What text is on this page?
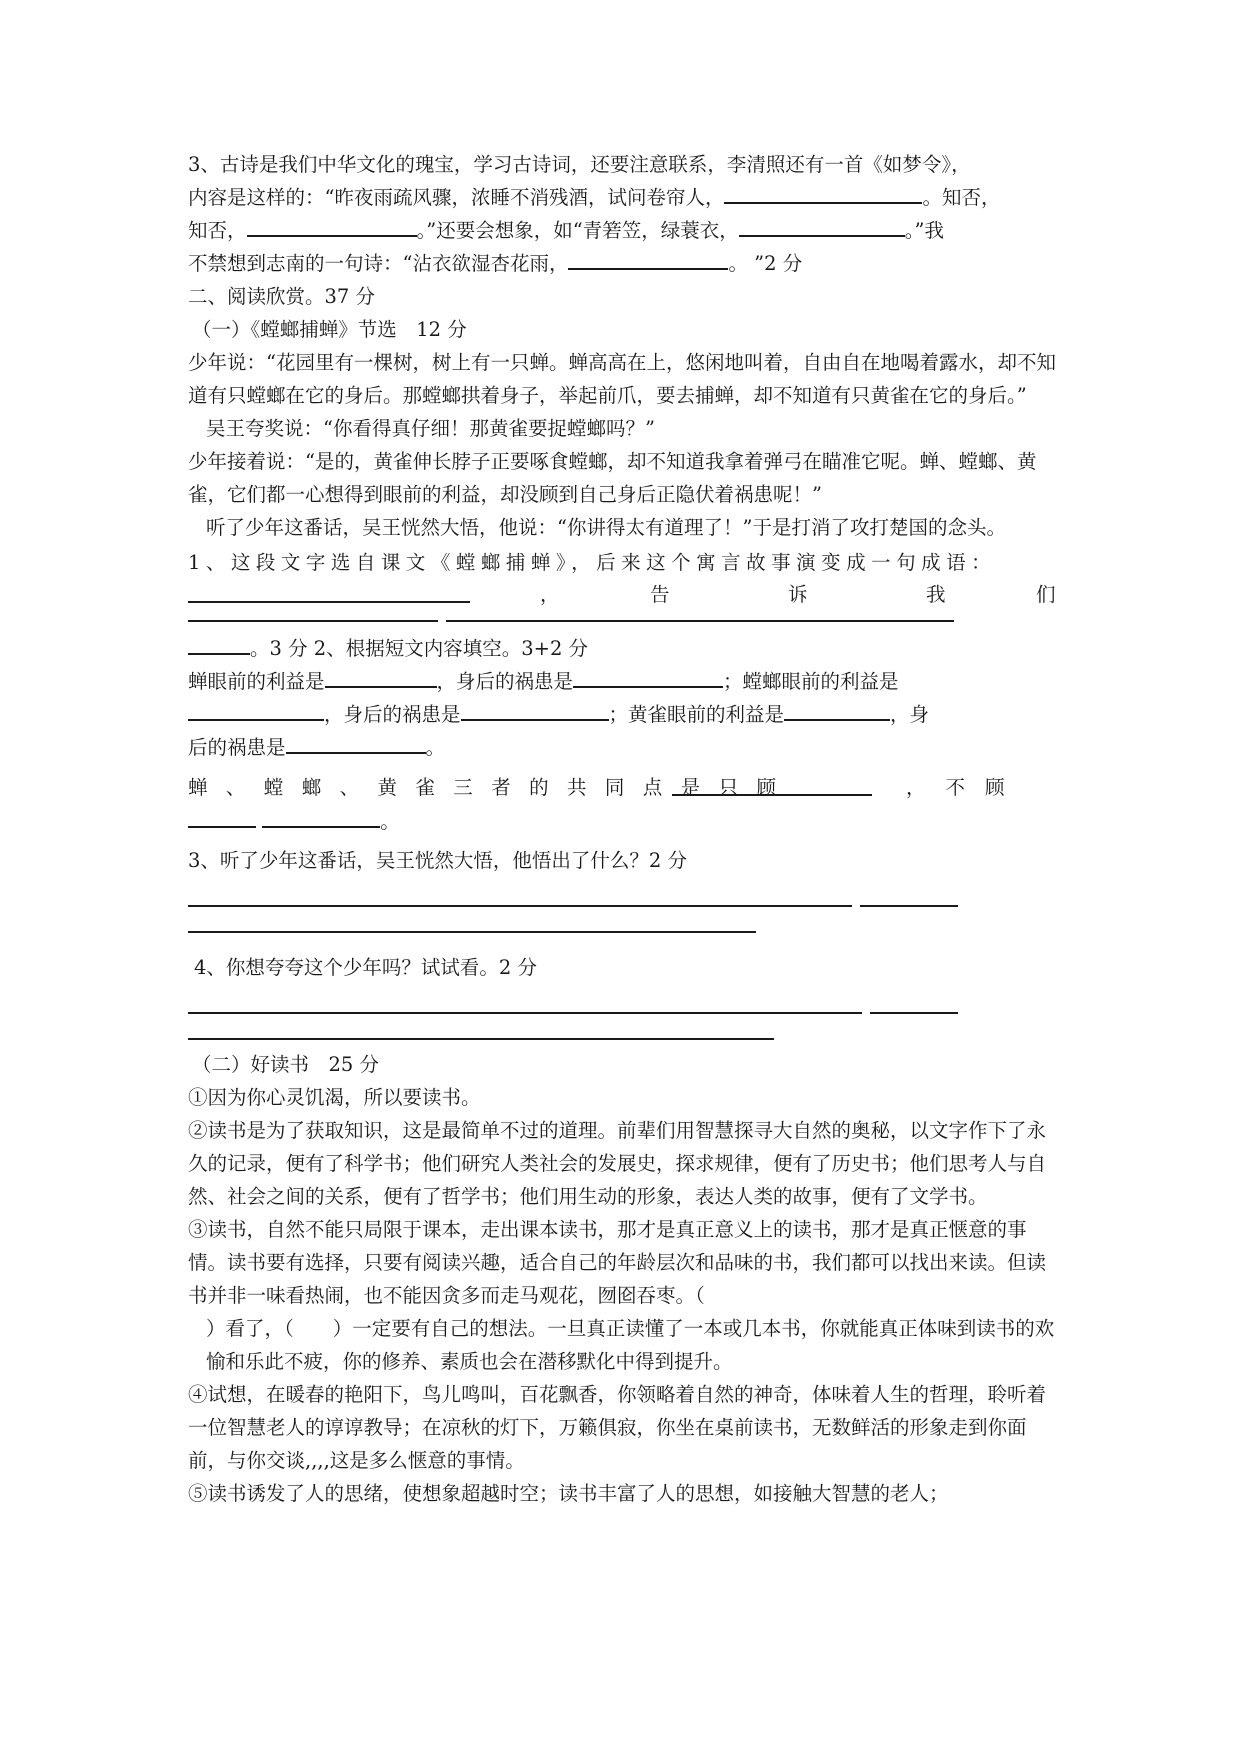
3、古诗是我们中华文化的瑰宝，学习古诗词，还要注意联系，李清照还有一首《如梦令》，

内容是这样的：“昨夜雨疏风骤，浓睡不消残酒，试问卷帘人，	。知否，

知否，	。”还要会想象，如“青箬笠，绿蓑衣，	。”我

不禁想到志南的一句诗：“沾衣欲湿杏花雨，	。 ”2 分

二、阅读欣赏。37 分

（一）《螳螂捕蝉》节选　12 分

少年说：“花园里有一棵树，树上有一只蝉。蝉高高在上，悠闲地叫着，自由自在地喝着露水，却不知道有只螳螂在它的身后。那螳螂拱着身子，举起前爪，要去捕蝉，却不知道有只黄雀在它的身后。”

吴王夸奖说：“你看得真仔细！那黄雀要捉螳螂吗？”

少年接着说：“是的，黄雀伸长脖子正要啄食螳螂，却不知道我拿着弹弓在瞄准它呢。蝉、螳螂、黄雀，它们都一心想得到眼前的利益，却没顾到自己身后正隐伏着祸患呢！”

听了少年这番话，吴王恍然大悟，他说：“你讲得太有道理了！”于是打消了攻打楚国的念头。

1、这段文字选自课文《螳螂捕蝉》，后来这个寓言故事演变成一句成语：

，	告	诉	我	们

。3 分 2、根据短文内容填空。3+2 分

蝉眼前的利益是	，身后的祸患是	；螳螂眼前的利益是

，身后的祸患是	；黄雀眼前的利益是	，身

后的祸患是	。

蝉、螳螂、黄雀三者的共同点是只顾	，不顾

。

3、听了少年这番话，吴王恍然大悟，他悟出了什么？2 分

4、你想夸夸这个少年吗？试试看。2 分

（二）好读书　25 分

①因为你心灵饥渴，所以要读书。

②读书是为了获取知识，这是最简单不过的道理。前辈们用智慧探寻大自然的奥秘，以文字作下了永久的记录，便有了科学书；他们研究人类社会的发展史，探求规律，便有了历史书；他们思考人与自然、社会之间的关系，便有了哲学书；他们用生动的形象，表达人类的故事，便有了文学书。

③读书，自然不能只局限于课本，走出课本读书，那才是真正意义上的读书，那才是真正惬意的事情。读书要有选择，只要有阅读兴趣，适合自己的年龄层次和品味的书，我们都可以找出来读。但读书并非一味看热闹，也不能因贪多而走马观花，囫囵吞枣。（

）看了，（　　）一定要有自己的想法。一旦真正读懂了一本或几本书，你就能真正体味到读书的欢愉和乐此不疲，你的修养、素质也会在潜移默化中得到提升。

④试想，在暖春的艳阳下，鸟儿鸣叫，百花飘香，你领略着自然的神奇，体味着人生的哲理，聆听着一位智慧老人的谆谆教导；在凉秋的灯下，万籁俱寂，你坐在桌前读书，无数鲜活的形象走到你面前，与你交谈,,,,这是多么惬意的事情。

⑤读书诱发了人的思绪，使想象超越时空；读书丰富了人的思想，如接触大智慧的老人；
